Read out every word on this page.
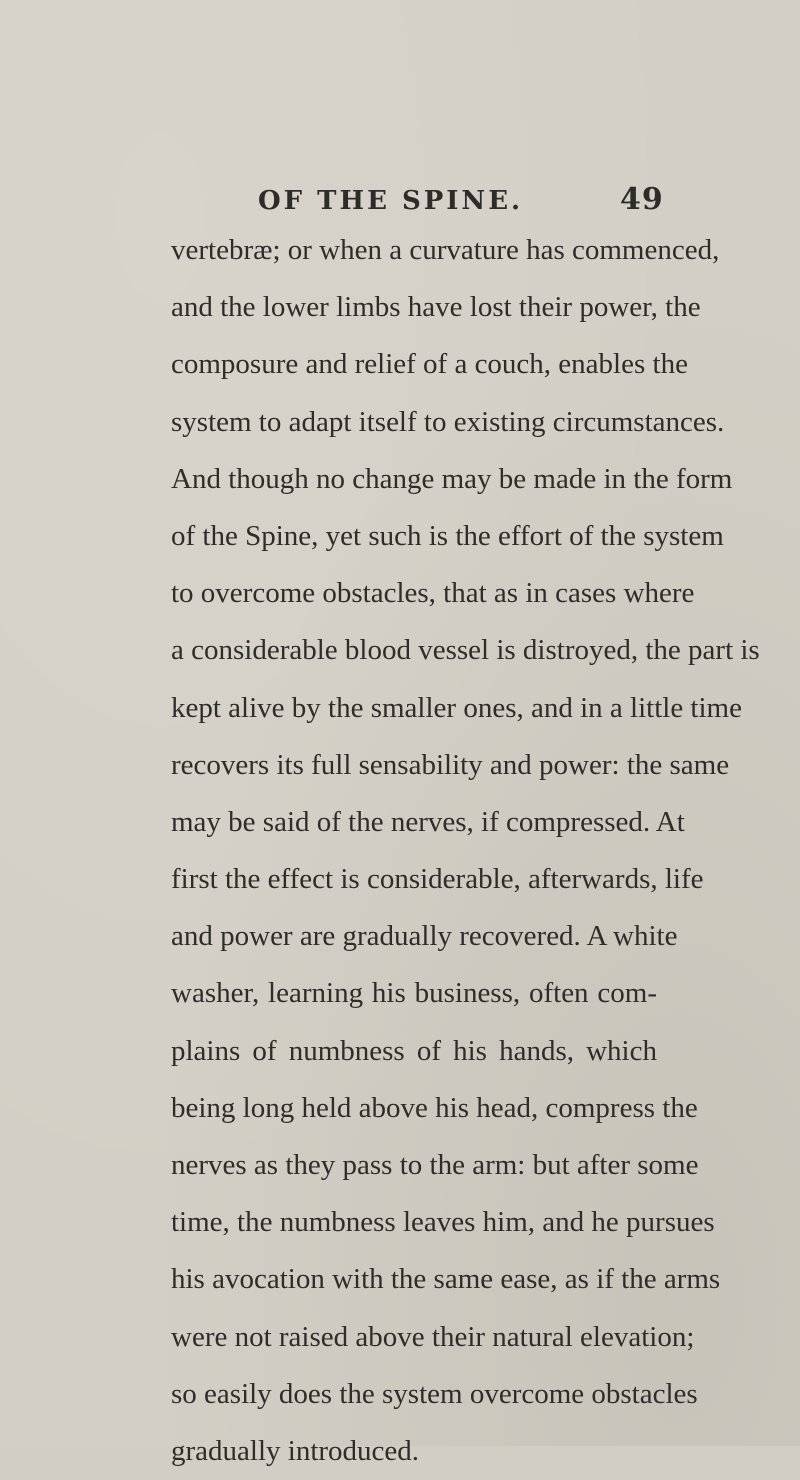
OF THE SPINE.	49
vertebræ; or when a curvature has commenced,
and the lower limbs have lost their power, the
composure and relief of a couch, enables the
system to adapt itself to existing circumstances.
And though no change may be made in the form
of the Spine, yet such is the effort of the system
to overcome obstacles, that as in cases where
a considerable blood vessel is distroyed, the part is
kept alive by the smaller ones, and in a little time
recovers its full sensability and power: the same
may be said of the nerves, if compressed. At
first the effect is considerable, afterwards, life
and power are gradually recovered. A white
washer, learning his business, often com-
plains of numbness of his hands, which
being long held above his head, compress the
nerves as they pass to the arm: but after some
time, the numbness leaves him, and he pursues
his avocation with the same ease, as if the arms
were not raised above their natural elevation;
so easily does the system overcome obstacles
gradually introduced.
